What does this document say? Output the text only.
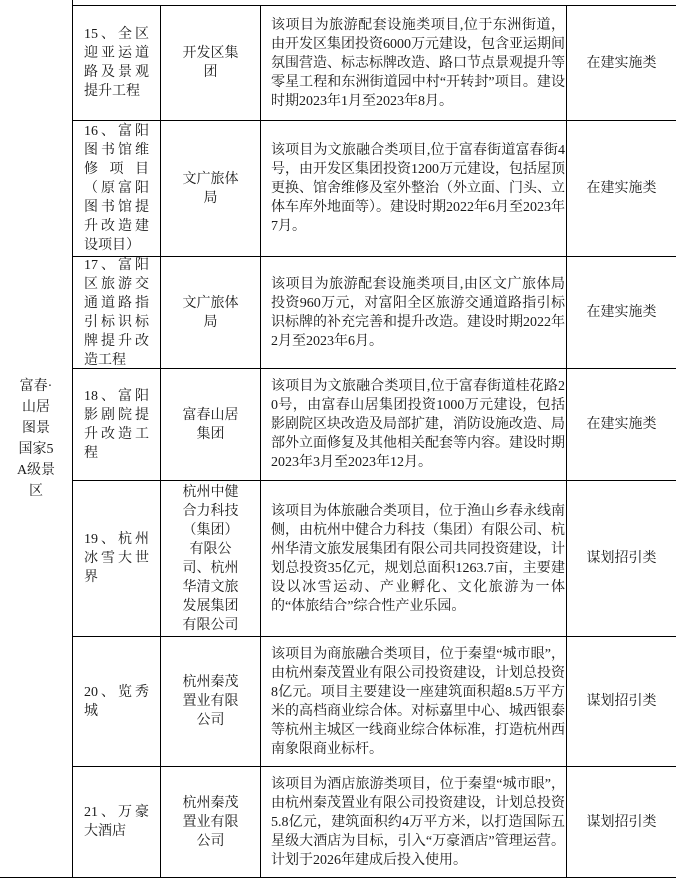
富春·山居图景国家5A级景区
15、全区迎亚运道路及景观提升工程
开发区集团
该项目为旅游配套设施类项目,位于东洲街道，由开发区集团投资6000万元建设，包含亚运期间氛围营造、标志标牌改造、路口节点景观提升等零星工程和东洲街道园中村“开转封”项目。建设时期2023年1月至2023年8月。
在建实施类
16、富阳图书馆维修项目（原富阳图书馆提升改造建设项目）
文广旅体局
该项目为文旅融合类项目,位于富春街道富春街4号，由开发区集团投资1200万元建设，包括屋顶更换、馆舍维修及室外整治（外立面、门头、立体车库外地面等）。建设时期2022年6月至2023年7月。
在建实施类
17、富阳区旅游交通道路指引标识标牌提升改造工程
文广旅体局
该项目为旅游配套设施类项目,由区文广旅体局投资960万元，对富阳全区旅游交通道路指引标识标牌的补充完善和提升改造。建设时期2022年2月至2023年6月。
在建实施类
18、富阳影剧院提升改造工程
富春山居集团
该项目为文旅融合类项目,位于富春街道桂花路20号，由富春山居集团投资1000万元建设，包括影剧院区块改造及局部扩建，消防设施改造、局部外立面修复及其他相关配套等内容。建设时期2023年3月至2023年12月。
在建实施类
19、杭州冰雪大世界
杭州中健合力科技（集团）有限公司、杭州华清文旅发展集团有限公司
该项目为体旅融合类项目，位于渔山乡春永线南侧，由杭州中健合力科技（集团）有限公司、杭州华清文旅发展集团有限公司共同投资建设，计划总投资35亿元，规划总面积1263.7亩，主要建设以冰雪运动、产业孵化、文化旅游为一体的“体旅结合”综合性产业乐园。
谋划招引类
20、览秀城
杭州秦茂置业有限公司
该项目为商旅融合类项目，位于秦望“城市眼”，由杭州秦茂置业有限公司投资建设，计划总投资8亿元。项目主要建设一座建筑面积超8.5万平方米的高档商业综合体。对标嘉里中心、城西银泰等杭州主城区一线商业综合体标准，打造杭州西南象限商业标杆。
谋划招引类
21、万豪大酒店
杭州秦茂置业有限公司
该项目为酒店旅游类项目，位于秦望“城市眼”，由杭州秦茂置业有限公司投资建设，计划总投资5.8亿元，建筑面积约4万平方米，以打造国际五星级大酒店为目标，引入“万豪酒店”管理运营。计划于2026年建成后投入使用。
谋划招引类
